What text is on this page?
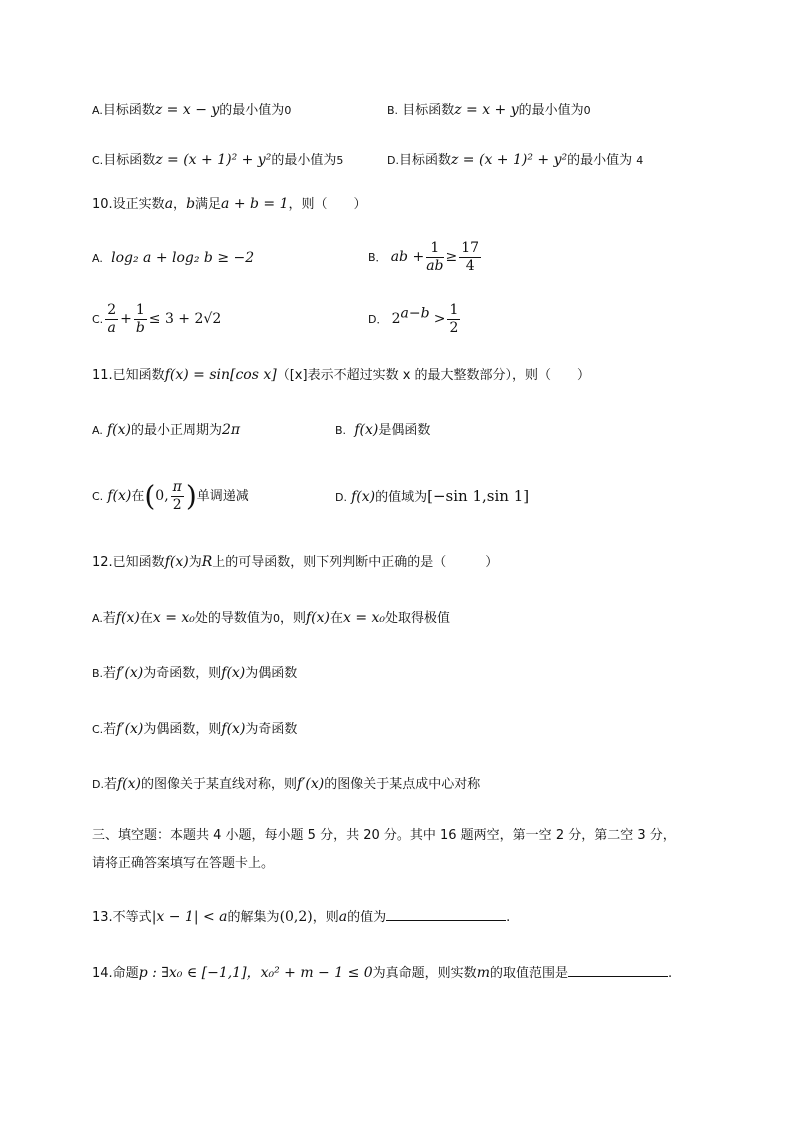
A.目标函数z = x − y的最小值为0	B. 目标函数z = x + y的最小值为0
C.目标函数z = (x + 1)² + y²的最小值为5	D.目标函数z = (x + 1)² + y²的最小值为 4
10.设正实数a，b满足a + b = 1，则（　　）
A. log₂ a + log₂ b ≥ −2	B． ab + $\frac{1}{ab} \ge \frac{17}{4}$
C. $\frac{2}{a} + \frac{1}{b} \le 3 + 2√2$	D． $2^{a-b} > \frac{1}{2}$
11.已知函数f(x) = sin[cos x]（[x]表示不超过实数 x 的最大整数部分），则（　　）
A. f(x)的最小正周期为2π	B. f(x)是偶函数
C. f(x)在(0, $\frac{\pi}{2}$ )单调递减	D. f(x)的值域为[−sin 1,sin 1]
12.已知函数f(x)为R上的可导函数，则下列判断中正确的是（　　　）
A.若f(x)在x = x₀处的导数值为0，则f(x)在x = x₀处取得极值
B.若f′(x)为奇函数，则f(x)为偶函数
C.若f′(x)为偶函数，则f(x)为奇函数
D.若f(x)的图像关于某直线对称，则f′(x)的图像关于某点成中心对称
三、填空题：本题共 4 小题，每小题 5 分，共 20 分。其中 16 题两空，第一空 2 分，第二空 3 分，
请将正确答案填写在答题卡上。
13.不等式|x − 1| < a的解集为(0,2)，则a的值为	.
14.命题p : ∃x₀ ∈ [−1,1]，x₀² + m − 1 ≤ 0为真命题，则实数m的取值范围是	.
